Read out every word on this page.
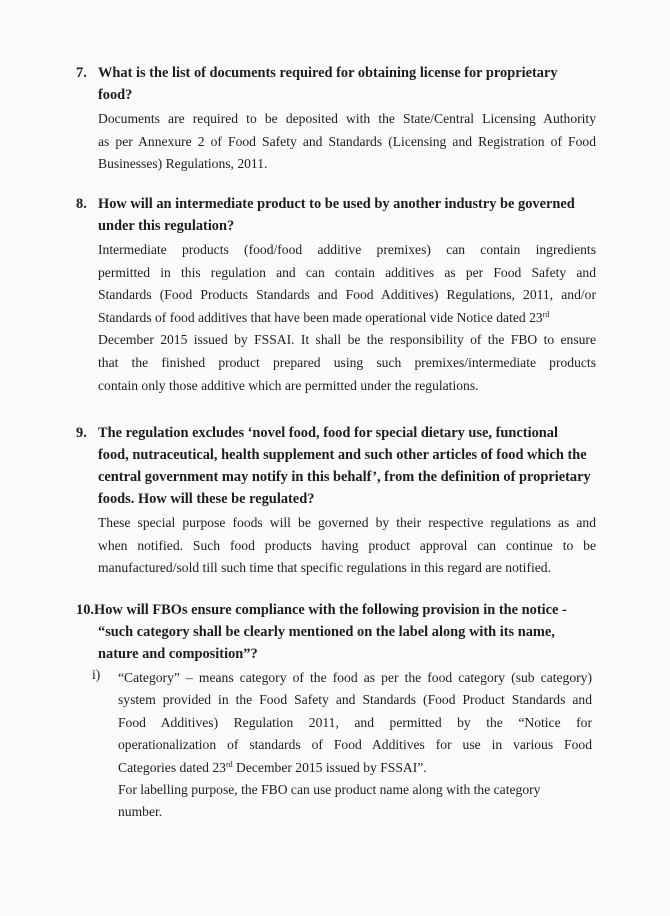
7. What is the list of documents required for obtaining license for proprietary
food?
Documents are required to be deposited with the State/Central Licensing Authority
as per Annexure 2 of Food Safety and Standards (Licensing and Registration of Food
Businesses) Regulations, 2011.
8. How will an intermediate product to be used by another industry be governed
under this regulation?
Intermediate products (food/food additive premixes) can contain ingredients
permitted in this regulation and can contain additives as per Food Safety and
Standards (Food Products Standards and Food Additives) Regulations, 2011, and/or
Standards of food additives that have been made operational vide Notice dated 23rd
December 2015 issued by FSSAI. It shall be the responsibility of the FBO to ensure
that the finished product prepared using such premixes/intermediate products
contain only those additive which are permitted under the regulations.
9. The regulation excludes ‘novel food, food for special dietary use, functional
food, nutraceutical, health supplement and such other articles of food which the
central government may notify in this behalf’, from the definition of proprietary
foods. How will these be regulated?
These special purpose foods will be governed by their respective regulations as and
when notified. Such food products having product approval can continue to be
manufactured/sold till such time that specific regulations in this regard are notified.
10.How will FBOs ensure compliance with the following provision in the notice -
“such category shall be clearly mentioned on the label along with its name,
nature and composition”?
i) “Category” – means category of the food as per the food category (sub category)
system provided in the Food Safety and Standards (Food Product Standards and
Food Additives) Regulation 2011, and permitted by the “Notice for
operationalization of standards of Food Additives for use in various Food
Categories dated 23rd December 2015 issued by FSSAI”.
For labelling purpose, the FBO can use product name along with the category
number.
